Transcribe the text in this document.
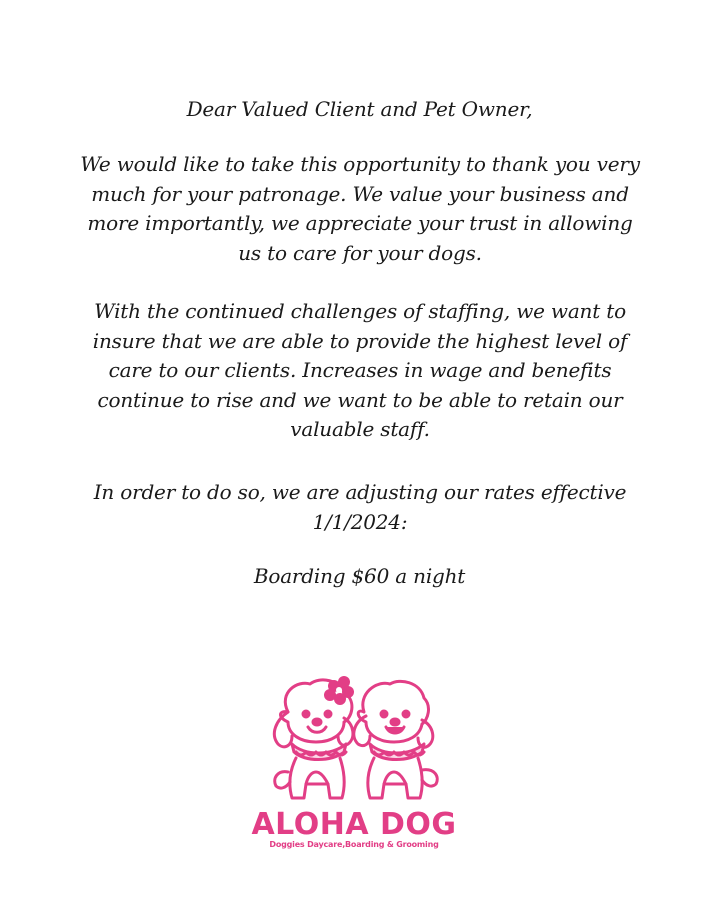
Dear Valued Client and Pet Owner,

We would like to take this opportunity to thank you very much for your patronage. We value your business and more importantly, we appreciate your trust in allowing us to care for your dogs.

With the continued challenges of staffing, we want to insure that we are able to provide the highest level of care to our clients. Increases in wage and benefits continue to rise and we want to be able to retain our valuable staff.

In order to do so, we are adjusting our rates effective 1/1/2024:

Boarding $60 a night

ALOHA DOG
Doggies Daycare,Boarding & Grooming
